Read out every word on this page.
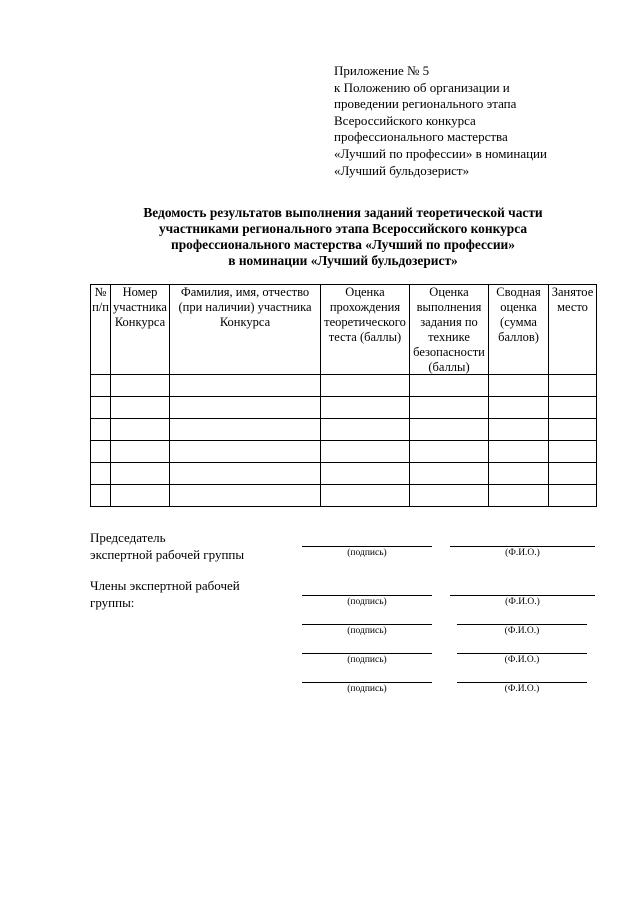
Приложение № 5
к Положению об организации и
проведении регионального этапа
Всероссийского конкурса
профессионального мастерства
«Лучший по профессии» в номинации
«Лучший бульдозерист»
Ведомость результатов выполнения заданий теоретической части
участниками регионального этапа Всероссийского конкурса
профессионального мастерства «Лучший по профессии»
в номинации «Лучший бульдозерист»
№ п/п	Номер участника Конкурса	Фамилия, имя, отчество (при наличии) участника Конкурса	Оценка прохождения теоретического теста (баллы)	Оценка выполнения задания по технике безопасности (баллы)	Сводная оценка (сумма баллов)	Занятое место

Председатель
экспертной рабочей группы	(подпись)	(Ф.И.О.)
Члены экспертной рабочей
группы:	(подпись)	(Ф.И.О.)
(подпись)	(Ф.И.О.)
(подпись)	(Ф.И.О.)
(подпись)	(Ф.И.О.)
